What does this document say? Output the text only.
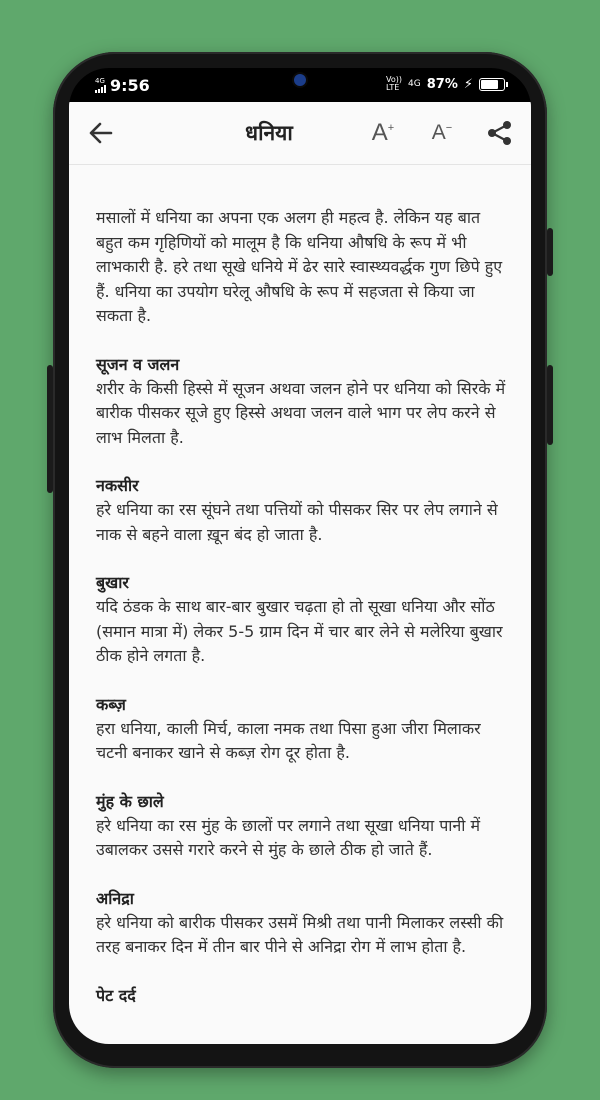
4G 9:56	Vo))
LTE 4G 87% ⚡
धनिया	A+ A−

मसालों में धनिया का अपना एक अलग ही महत्व है. लेकिन यह बात बहुत कम गृहिणियों को मालूम है कि धनिया औषधि के रूप में भी लाभकारी है. हरे तथा सूखे धनिये में ढेर सारे स्वास्थ्यवर्द्धक गुण छिपे हुए हैं. धनिया का उपयोग घरेलू औषधि के रूप में सहजता से किया जा सकता है.

सूजन व जलन

शरीर के किसी हिस्से में सूजन अथवा जलन होने पर धनिया को सिरके में बारीक पीसकर सूजे हुए हिस्से अथवा जलन वाले भाग पर लेप करने से लाभ मिलता है.

नकसीर

हरे धनिया का रस सूंघने तथा पत्तियों को पीसकर सिर पर लेप लगाने से नाक से बहने वाला ख़ून बंद हो जाता है.

बुखार

यदि ठंडक के साथ बार-बार बुखार चढ़ता हो तो सूखा धनिया और सोंठ (समान मात्रा में) लेकर 5-5 ग्राम दिन में चार बार लेने से मलेरिया बुखार ठीक होने लगता है.

कब्ज़

हरा धनिया, काली मिर्च, काला नमक तथा पिसा हुआ जीरा मिलाकर चटनी बनाकर खाने से कब्ज़ रोग दूर होता है.

मुंह के छाले

हरे धनिया का रस मुंह के छालों पर लगाने तथा सूखा धनिया पानी में उबालकर उससे गरारे करने से मुंह के छाले ठीक हो जाते हैं.

अनिद्रा

हरे धनिया को बारीक पीसकर उसमें मिश्री तथा पानी मिलाकर लस्सी की तरह बनाकर दिन में तीन बार पीने से अनिद्रा रोग में लाभ होता है.

पेट दर्द
